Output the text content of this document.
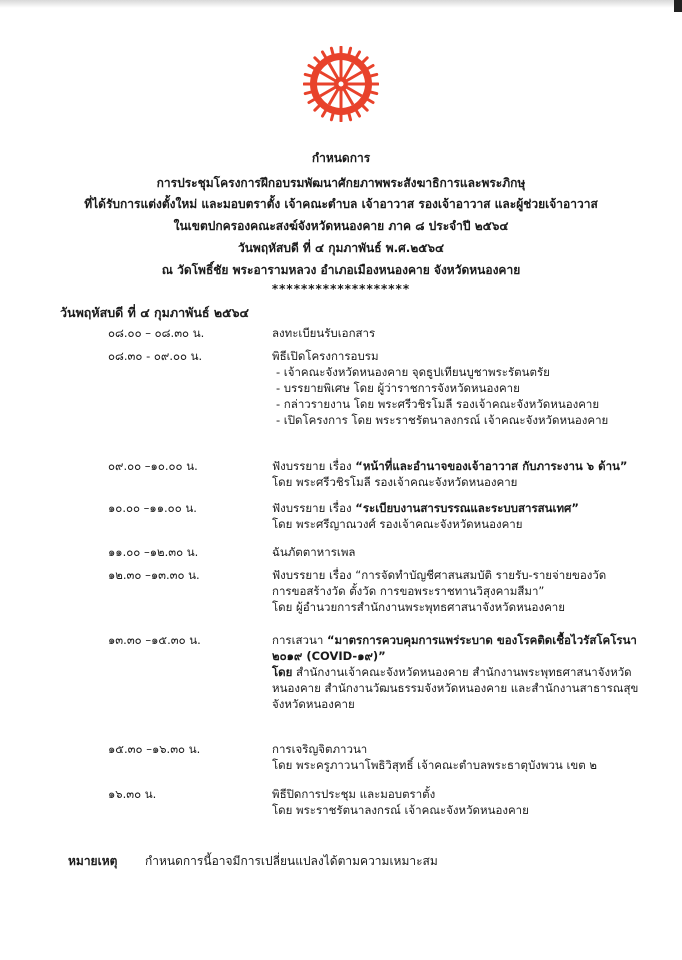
กำหนดการ
การประชุมโครงการฝึกอบรมพัฒนาศักยภาพพระสังฆาธิการและพระภิกษุ
ที่ได้รับการแต่งตั้งใหม่ และมอบตราตั้ง เจ้าคณะตำบล เจ้าอาวาส รองเจ้าอาวาส และผู้ช่วยเจ้าอาวาส
ในเขตปกครองคณะสงฆ์จังหวัดหนองคาย ภาค ๘ ประจำปี ๒๕๖๔
วันพฤหัสบดี ที่ ๔ กุมภาพันธ์ พ.ศ.๒๕๖๔
ณ วัดโพธิ์ชัย พระอารามหลวง อำเภอเมืองหนองคาย จังหวัดหนองคาย
*******************
วันพฤหัสบดี ที่ ๔ กุมภาพันธ์ ๒๕๖๔
๐๘.๐๐ – ๐๘.๓๐ น.	ลงทะเบียนรับเอกสาร
๐๘.๓๐ - ๐๙.๐๐ น.	พิธีเปิดโครงการอบรม
- เจ้าคณะจังหวัดหนองคาย จุดธูปเทียนบูชาพระรัตนตรัย
- บรรยายพิเศษ โดย ผู้ว่าราชการจังหวัดหนองคาย
- กล่าวรายงาน โดย พระศรีวชิรโมลี รองเจ้าคณะจังหวัดหนองคาย
- เปิดโครงการ โดย พระราชรัตนาลงกรณ์ เจ้าคณะจังหวัดหนองคาย
๐๙.๐๐ –๑๐.๐๐ น.	ฟังบรรยาย เรื่อง “หน้าที่และอำนาจของเจ้าอาวาส กับภาระงาน ๖ ด้าน”
โดย พระศรีวชิรโมลี รองเจ้าคณะจังหวัดหนองคาย
๑๐.๐๐ –๑๑.๐๐ น.	ฟังบรรยาย เรื่อง “ระเบียบงานสารบรรณและระบบสารสนเทศ”
โดย พระศรีญาณวงศ์ รองเจ้าคณะจังหวัดหนองคาย
๑๑.๐๐ –๑๒.๓๐ น.	ฉันภัตตาหารเพล
๑๒.๓๐ –๑๓.๓๐ น.	ฟังบรรยาย เรื่อง “การจัดทำบัญชีศาสนสมบัติ รายรับ-รายจ่ายของวัด
การขอสร้างวัด ตั้งวัด การขอพระราชทานวิสุงคามสีมา”
โดย ผู้อำนวยการสำนักงานพระพุทธศาสนาจังหวัดหนองคาย
๑๓.๓๐ –๑๕.๓๐ น.	การเสวนา “มาตรการควบคุมการแพร่ระบาด ของโรคติดเชื้อไวรัสโคโรนา
๒๐๑๙ (COVID-๑๙)”
โดย สำนักงานเจ้าคณะจังหวัดหนองคาย สำนักงานพระพุทธศาสนาจังหวัด
หนองคาย สำนักงานวัฒนธรรมจังหวัดหนองคาย และสำนักงานสาธารณสุข
จังหวัดหนองคาย
๑๕.๓๐ –๑๖.๓๐ น.	การเจริญจิตภาวนา
โดย พระครูภาวนาโพธิวิสุทธิ์ เจ้าคณะตำบลพระธาตุบังพวน เขต ๒
๑๖.๓๐ น.	พิธีปิดการประชุม และมอบตราตั้ง
โดย พระราชรัตนาลงกรณ์ เจ้าคณะจังหวัดหนองคาย
หมายเหตุ กำหนดการนี้อาจมีการเปลี่ยนแปลงได้ตามความเหมาะสม
